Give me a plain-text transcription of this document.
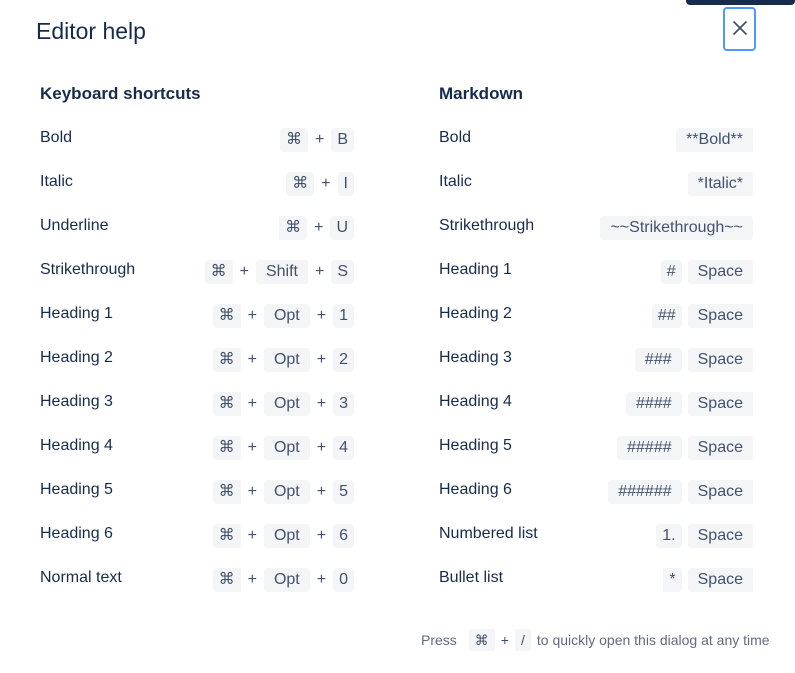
Editor help
Keyboard shortcuts
Bold	⌘ + B
Italic	⌘ + I
Underline	⌘ + U
Strikethrough	⌘ +	Shift	+ S
Heading 1	⌘ +	Opt	+ 1
Heading 2	⌘ +	Opt	+ 2
Heading 3	⌘ +	Opt	+ 3
Heading 4	⌘ +	Opt	+ 4
Heading 5	⌘ +	Opt	+ 5
Heading 6	⌘ +	Opt	+ 6
Normal text	⌘ +	Opt	+ 0
Markdown
Bold	**Bold**
Italic	*Italic*
Strikethrough	~~Strikethrough~~
Heading 1	#	Space
Heading 2	##	Space
Heading 3	###	Space
Heading 4	####	Space
Heading 5	#####	Space
Heading 6	######	Space
Numbered list	1.	Space
Bullet list	*	Space
Press	⌘ + / to quickly open this dialog at any time
